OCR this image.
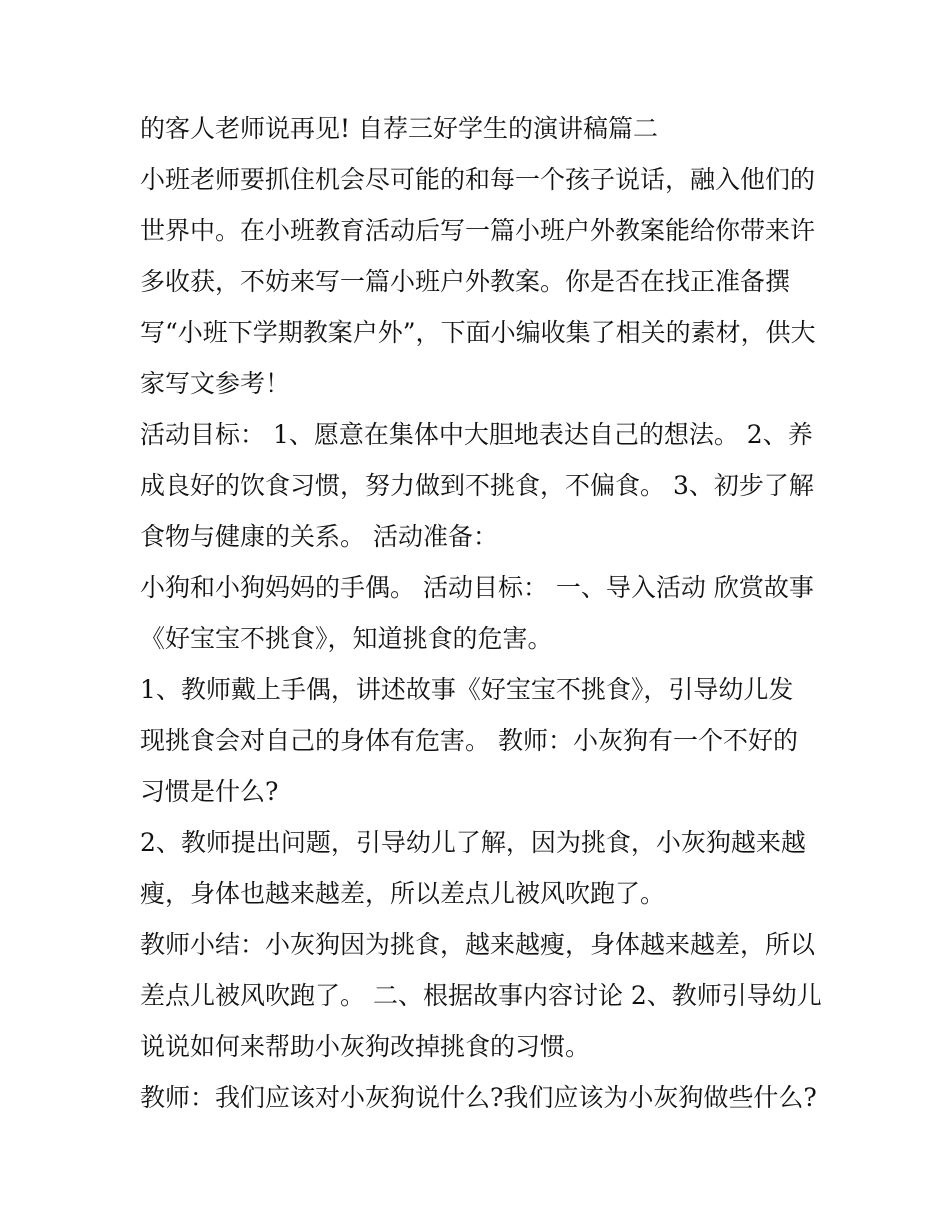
的客人老师说再见! 自荐三好学生的演讲稿篇二
小班老师要抓住机会尽可能的和每一个孩子说话，融入他们的
世界中。在小班教育活动后写一篇小班户外教案能给你带来许
多收获，不妨来写一篇小班户外教案。你是否在找正准备撰
写“小班下学期教案户外”，下面小编收集了相关的素材，供大
家写文参考！
活动目标： 1、愿意在集体中大胆地表达自己的想法。 2、养
成良好的饮食习惯，努力做到不挑食，不偏食。 3、初步了解
食物与健康的关系。 活动准备：
小狗和小狗妈妈的手偶。 活动目标： 一、导入活动 欣赏故事
《好宝宝不挑食》，知道挑食的危害。
1、教师戴上手偶，讲述故事《好宝宝不挑食》，引导幼儿发
现挑食会对自己的身体有危害。 教师：小灰狗有一个不好的
习惯是什么?
2、教师提出问题，引导幼儿了解，因为挑食，小灰狗越来越
瘦，身体也越来越差，所以差点儿被风吹跑了。
教师小结：小灰狗因为挑食，越来越瘦，身体越来越差，所以
差点儿被风吹跑了。 二、根据故事内容讨论 2、教师引导幼儿
说说如何来帮助小灰狗改掉挑食的习惯。
教师：我们应该对小灰狗说什么?我们应该为小灰狗做些什么?
